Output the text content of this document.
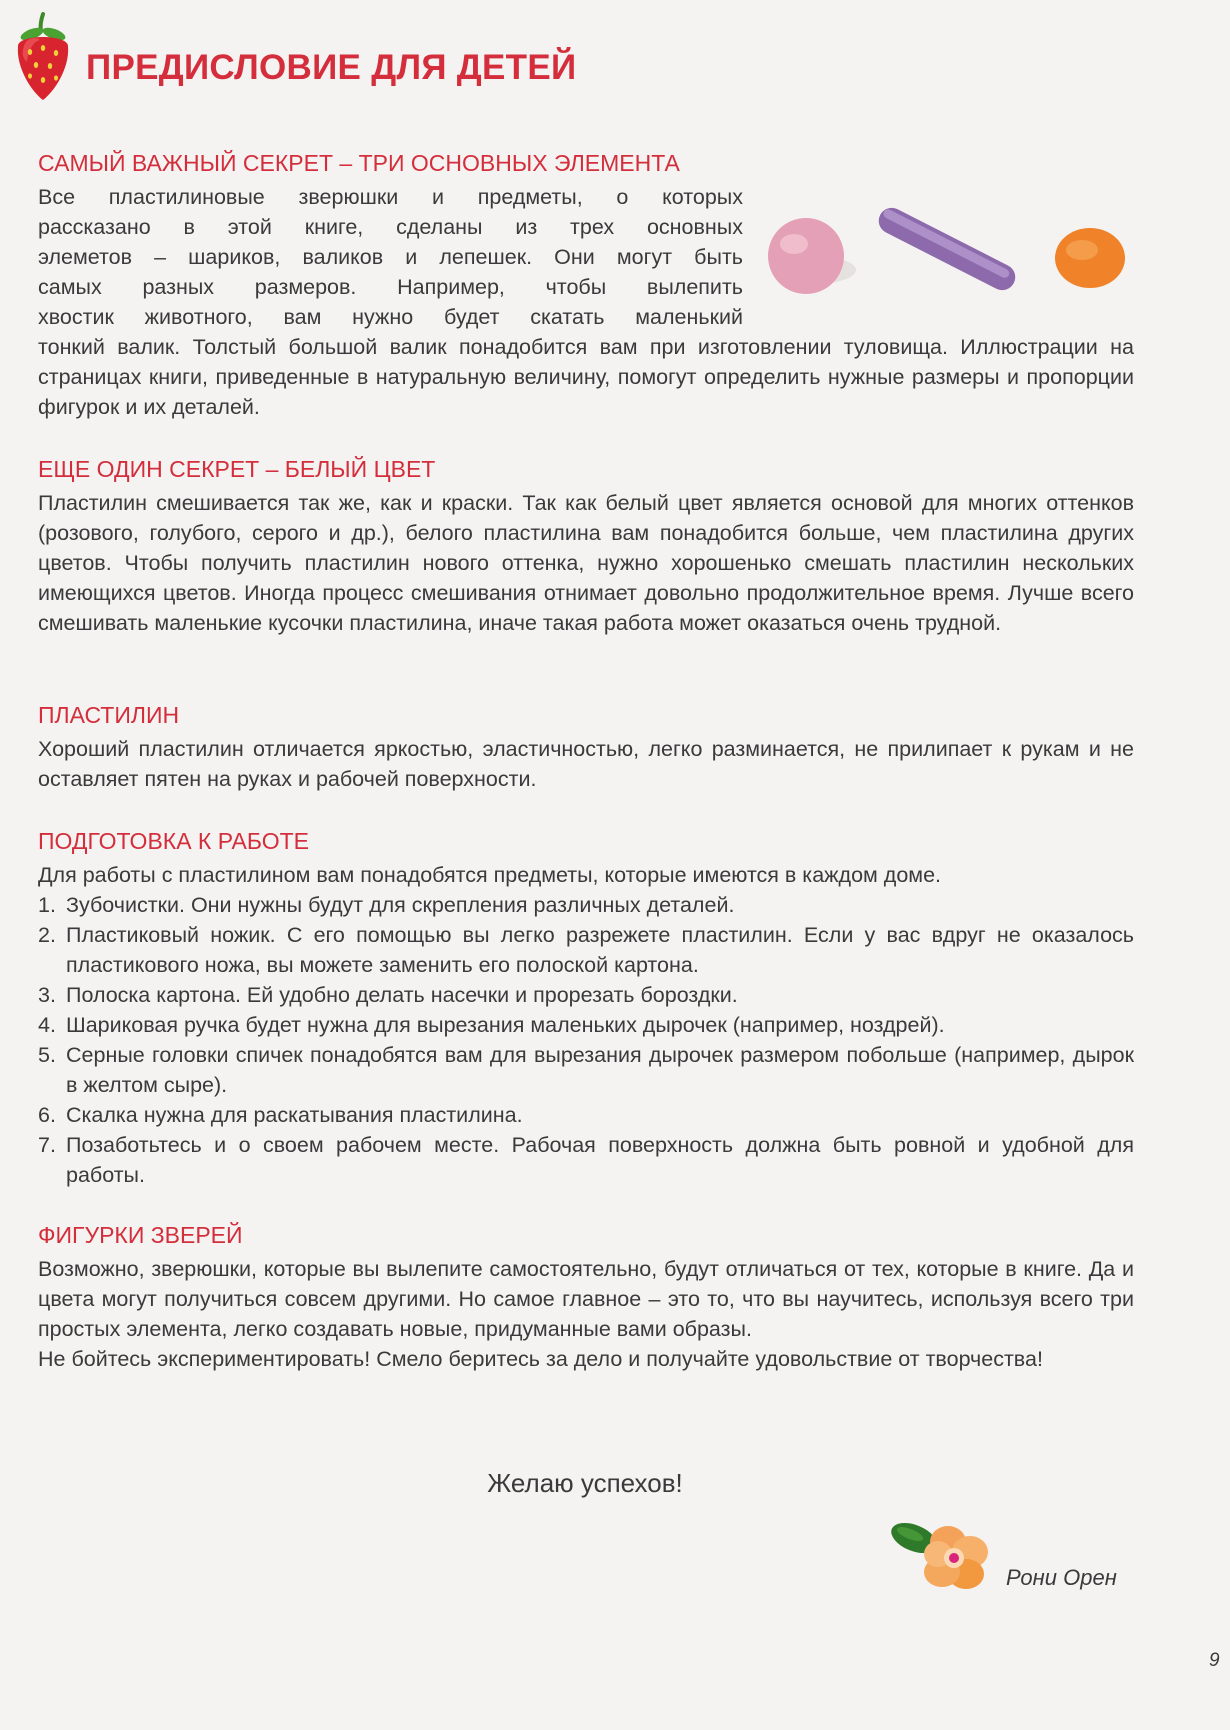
ПРЕДИСЛОВИЕ ДЛЯ ДЕТЕЙ
САМЫЙ ВАЖНЫЙ СЕКРЕТ – ТРИ ОСНОВНЫХ ЭЛЕМЕНТА
Все пластилиновые зверюшки и предметы, о которых
рассказано в этой книге, сделаны из трех основных
элеметов – шариков, валиков и лепешек. Они могут быть
самых разных размеров. Например, чтобы вылепить
хвостик животного, вам нужно будет скатать маленький
тонкий валик. Толстый большой валик понадобится вам при изготовлении туловища. Иллюстрации на страницах книги, приведенные в натуральную величину, помогут определить нужные размеры и пропорции фигурок и их деталей.
ЕЩЕ ОДИН СЕКРЕТ – БЕЛЫЙ ЦВЕТ
Пластилин смешивается так же, как и краски. Так как белый цвет является основой для многих оттенков (розового, голубого, серого и др.), белого пластилина вам понадобится больше, чем пластилина других цветов. Чтобы получить пластилин нового оттенка, нужно хорошенько смешать пластилин нескольких имеющихся цветов. Иногда процесс смешивания отнимает довольно продолжительное время. Лучше всего смешивать маленькие кусочки пластилина, иначе такая работа может оказаться очень трудной.
ПЛАСТИЛИН
Хороший пластилин отличается яркостью, эластичностью, легко разминается, не прилипает к рукам и не оставляет пятен на руках и рабочей поверхности.
ПОДГОТОВКА К РАБОТЕ
Для работы с пластилином вам понадобятся предметы, которые имеются в каждом доме.
1. Зубочистки. Они нужны будут для скрепления различных деталей.
2. Пластиковый ножик. С его помощью вы легко разрежете пластилин. Если у вас вдруг не оказалось пластикового ножа, вы можете заменить его полоской картона.
3. Полоска картона. Ей удобно делать насечки и прорезать бороздки.
4. Шариковая ручка будет нужна для вырезания маленьких дырочек (например, ноздрей).
5. Серные головки спичек понадобятся вам для вырезания дырочек размером побольше (например, дырок в желтом сыре).
6. Скалка нужна для раскатывания пластилина.
7. Позаботьтесь и о своем рабочем месте. Рабочая поверхность должна быть ровной и удобной для работы.
ФИГУРКИ ЗВЕРЕЙ
Возможно, зверюшки, которые вы вылепите самостоятельно, будут отличаться от тех, которые в книге. Да и цвета могут получиться совсем другими. Но самое главное – это то, что вы научитесь, используя всего три простых элемента, легко создавать новые, придуманные вами образы.
Не бойтесь экспериментировать! Смело беритесь за дело и получайте удовольствие от творчества!
Желаю успехов!
Рони Орен
9
